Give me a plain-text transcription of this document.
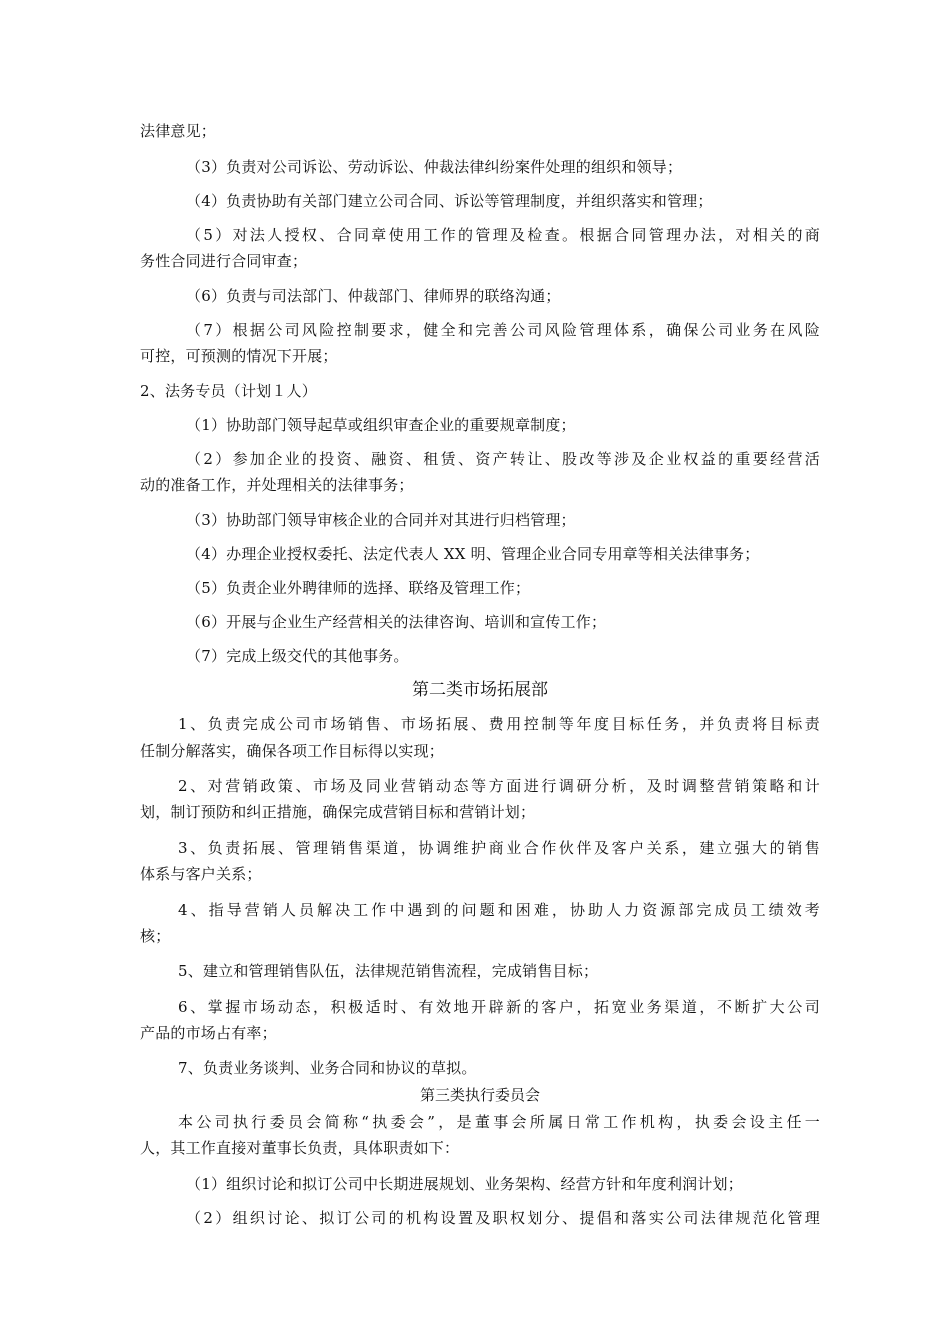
法律意见；
（3）负责对公司诉讼、劳动诉讼、仲裁法律纠纷案件处理的组织和领导；
（4）负责协助有关部门建立公司合同、诉讼等管理制度，并组织落实和管理；
（5）对法人授权、合同章使用工作的管理及检查。根据合同管理办法，对相关的商
务性合同进行合同审查；
（6）负责与司法部门、仲裁部门、律师界的联络沟通；
（7）根据公司风险控制要求，健全和完善公司风险管理体系，确保公司业务在风险
可控，可预测的情况下开展；
2、法务专员（计划１人）
（1）协助部门领导起草或组织审查企业的重要规章制度；
（2）参加企业的投资、融资、租赁、资产转让、股改等涉及企业权益的重要经营活
动的准备工作，并处理相关的法律事务；
（3）协助部门领导审核企业的合同并对其进行归档管理；
（4）办理企业授权委托、法定代表人 XX 明、管理企业合同专用章等相关法律事务；
（5）负责企业外聘律师的选择、联络及管理工作；
（6）开展与企业生产经营相关的法律咨询、培训和宣传工作；
（7）完成上级交代的其他事务。
第二类市场拓展部
1、负责完成公司市场销售、市场拓展、费用控制等年度目标任务，并负责将目标责
任制分解落实，确保各项工作目标得以实现；
2、对营销政策、市场及同业营销动态等方面进行调研分析，及时调整营销策略和计
划，制订预防和纠正措施，确保完成营销目标和营销计划；
3、负责拓展、管理销售渠道，协调维护商业合作伙伴及客户关系，建立强大的销售
体系与客户关系；
4、指导营销人员解决工作中遇到的问题和困难，协助人力资源部完成员工绩效考
核；
5、建立和管理销售队伍，法律规范销售流程，完成销售目标；
6、掌握市场动态，积极适时、有效地开辟新的客户，拓宽业务渠道，不断扩大公司
产品的市场占有率；
7、负责业务谈判、业务合同和协议的草拟。
第三类执行委员会
本公司执行委员会简称“执委会”，是董事会所属日常工作机构，执委会设主任一
人，其工作直接对董事长负责，具体职责如下：
（1）组织讨论和拟订公司中长期进展规划、业务架构、经营方针和年度利润计划；
（2）组织讨论、拟订公司的机构设置及职权划分、提倡和落实公司法律规范化管理
